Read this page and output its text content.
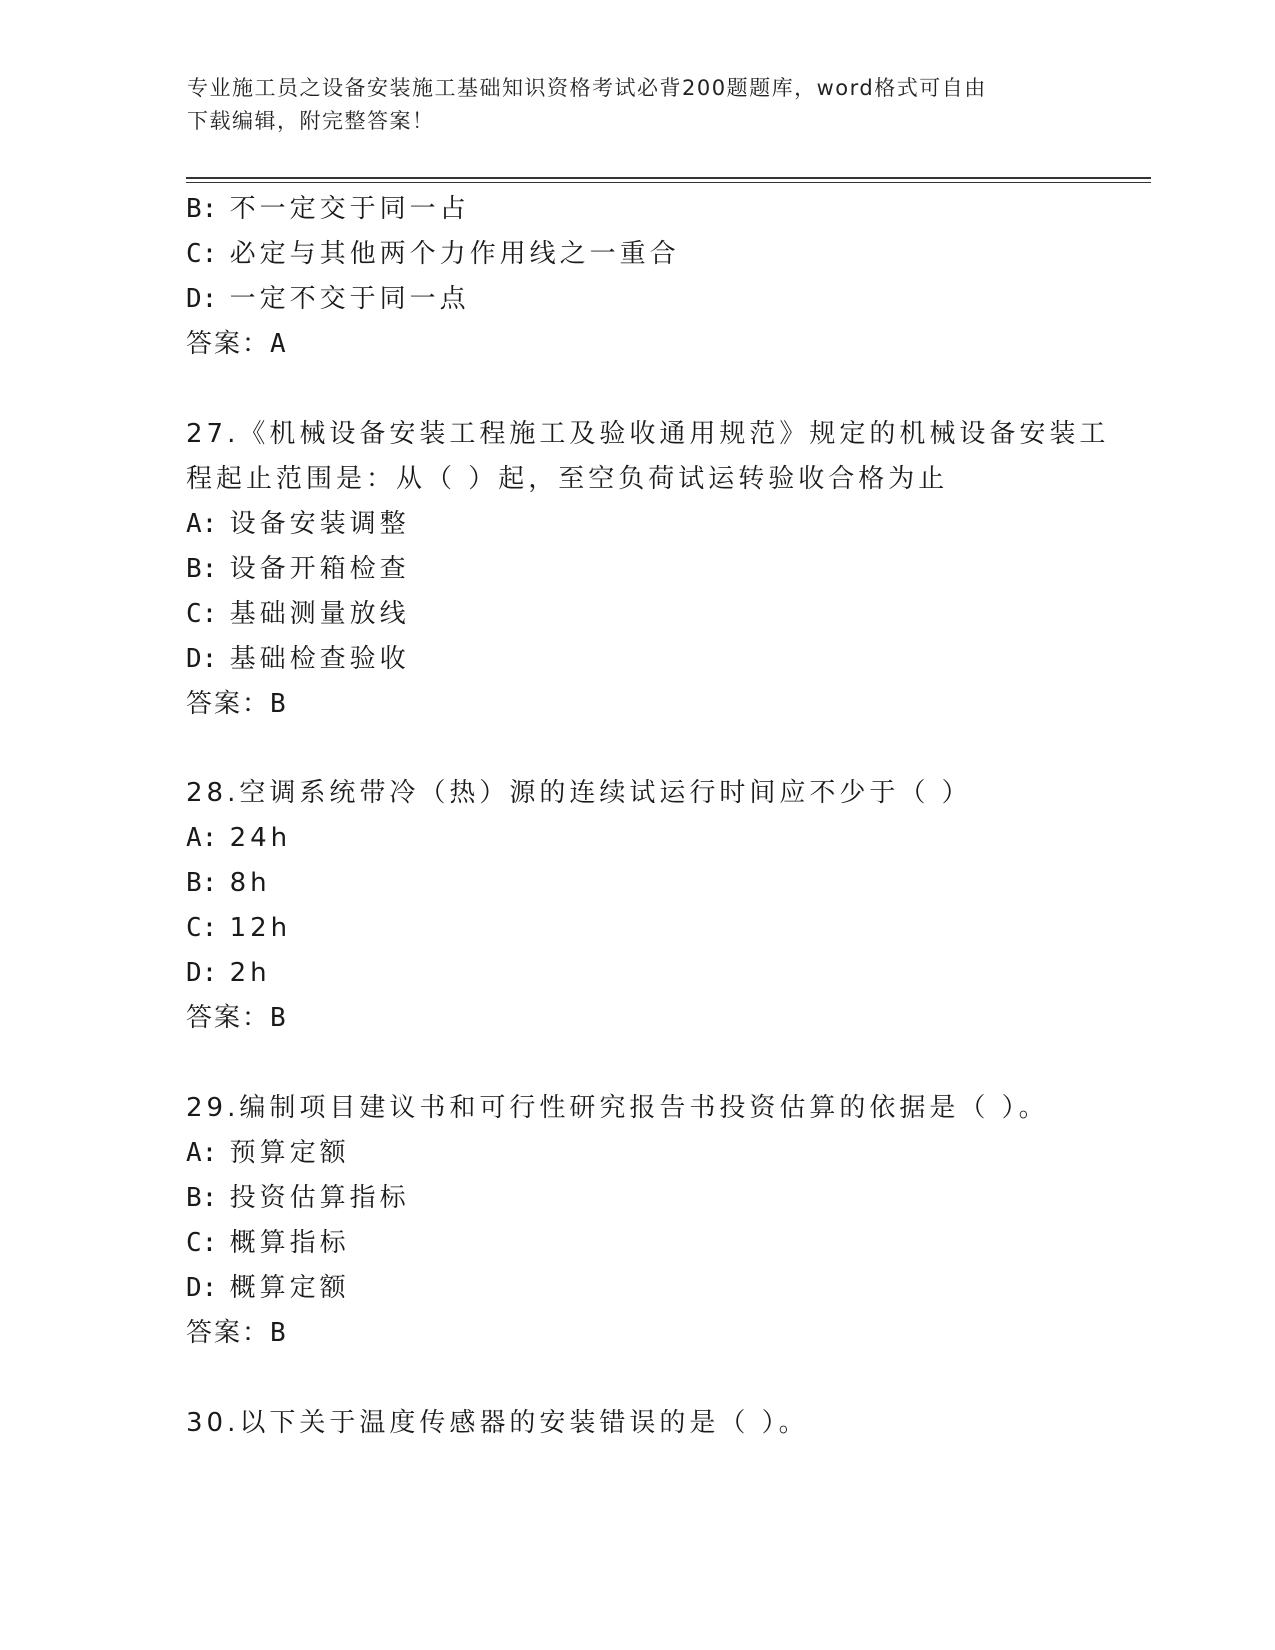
专业施工员之设备安装施工基础知识资格考试必背200题题库，word格式可自由
下载编辑，附完整答案！
B: 不一定交于同一占
C: 必定与其他两个力作用线之一重合
D: 一定不交于同一点
答案：A
27.《机械设备安装工程施工及验收通用规范》规定的机械设备安装工
程起止范围是：从（ ）起，至空负荷试运转验收合格为止
A: 设备安装调整
B: 设备开箱检查
C: 基础测量放线
D: 基础检查验收
答案：B
28.空调系统带冷（热）源的连续试运行时间应不少于（ ）
A: 24h
B: 8h
C: 12h
D: 2h
答案：B
29.编制项目建议书和可行性研究报告书投资估算的依据是（ ）。
A: 预算定额
B: 投资估算指标
C: 概算指标
D: 概算定额
答案：B
30.以下关于温度传感器的安装错误的是（ ）。
